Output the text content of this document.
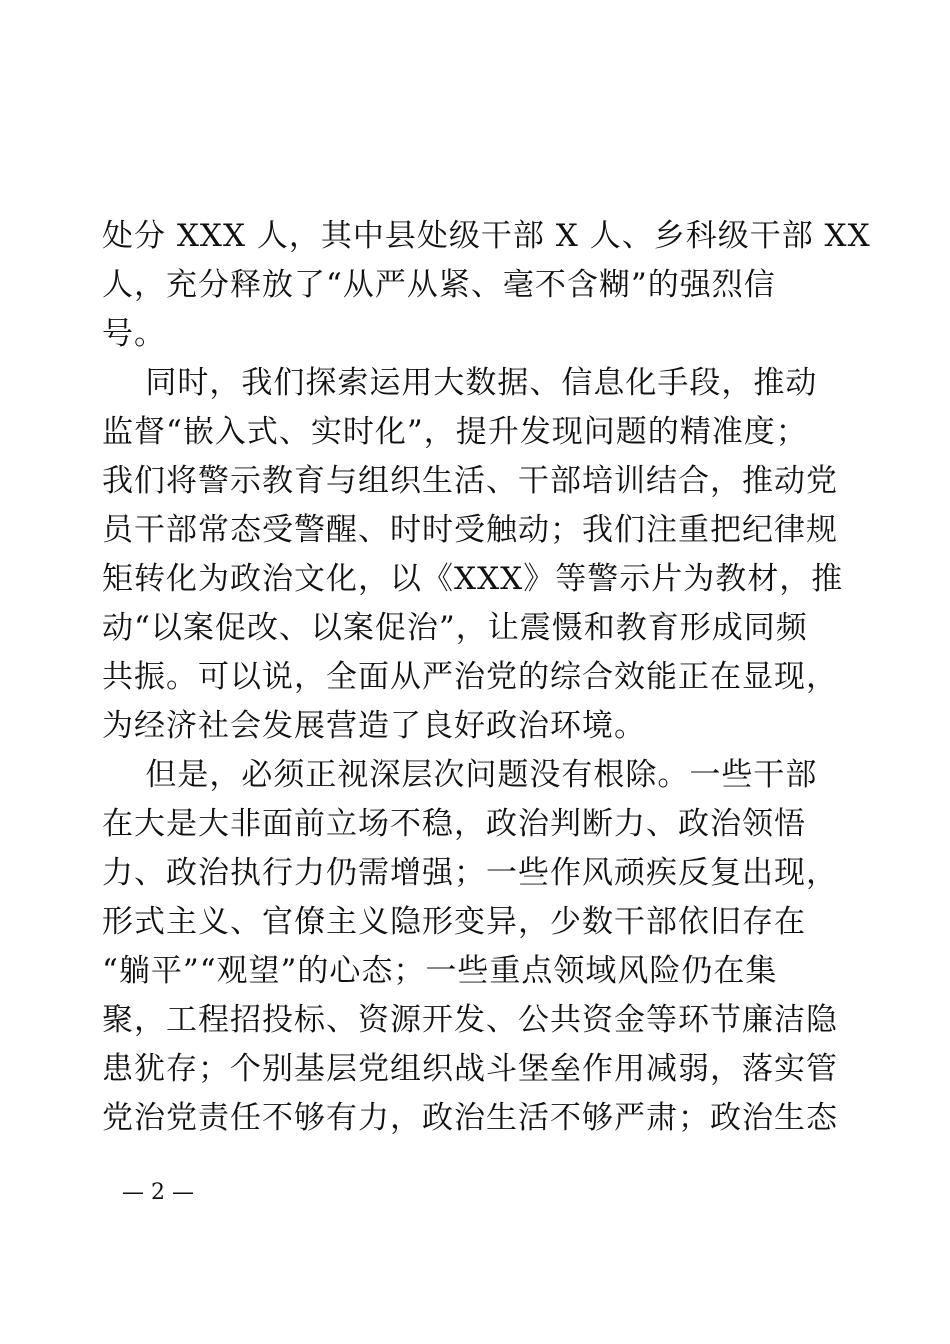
处分 XXX 人，其中县处级干部 X 人、乡科级干部 XX
人，充分释放了“从严从紧、毫不含糊”的强烈信
号。
同时，我们探索运用大数据、信息化手段，推动
监督“嵌入式、实时化”，提升发现问题的精准度；
我们将警示教育与组织生活、干部培训结合，推动党
员干部常态受警醒、时时受触动；我们注重把纪律规
矩转化为政治文化，以《XXX》等警示片为教材，推
动“以案促改、以案促治”，让震慑和教育形成同频
共振。可以说，全面从严治党的综合效能正在显现，
为经济社会发展营造了良好政治环境。
但是，必须正视深层次问题没有根除。一些干部
在大是大非面前立场不稳，政治判断力、政治领悟
力、政治执行力仍需增强；一些作风顽疾反复出现，
形式主义、官僚主义隐形变异，少数干部依旧存在
“躺平”“观望”的心态；一些重点领域风险仍在集
聚，工程招投标、资源开发、公共资金等环节廉洁隐
患犹存；个别基层党组织战斗堡垒作用减弱，落实管
党治党责任不够有力，政治生活不够严肃；政治生态
— 2 —
